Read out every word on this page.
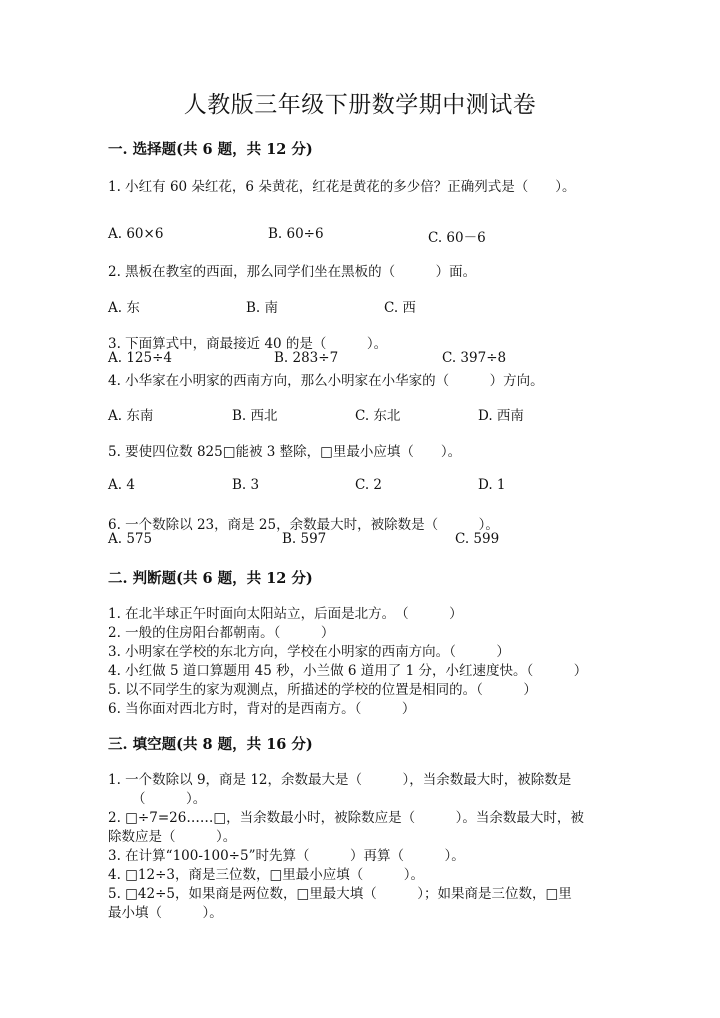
人教版三年级下册数学期中测试卷
一. 选择题(共 6 题，共 12 分)
1. 小红有 60 朵红花，6 朵黄花，红花是黄花的多少倍？正确列式是（　　）。
A. 60×6	B. 60÷6	C. 60－6
2. 黑板在教室的西面，那么同学们坐在黑板的（　　　）面。
A. 东	B. 南	C. 西
3. 下面算式中，商最接近 40 的是（　　　）。
A. 125÷4	B. 283÷7	C. 397÷8
4. 小华家在小明家的西南方向，那么小明家在小华家的（　　　）方向。
A. 东南	B. 西北	C. 东北	D. 西南
5. 要使四位数 825□能被 3 整除，□里最小应填（　　）。
A. 4	B. 3	C. 2	D. 1
6. 一个数除以 23，商是 25，余数最大时，被除数是（　　　）。
A. 575	B. 597	C. 599
二. 判断题(共 6 题，共 12 分)
1. 在北半球正午时面向太阳站立，后面是北方。　（　　　）
2. 一般的住房阳台都朝南。（　　　）
3. 小明家在学校的东北方向，学校在小明家的西南方向。（　　　）
4. 小红做 5 道口算题用 45 秒，小兰做 6 道用了 1 分，小红速度快。（　　　）
5. 以不同学生的家为观测点，所描述的学校的位置是相同的。（　　　）
6. 当你面对西北方时，背对的是西南方。（　　　）
三. 填空题(共 8 题，共 16 分)
1. 一个数除以 9，商是 12，余数最大是（　　　），当余数最大时，被除数是
（　　　）。
2. □÷7=26……□，当余数最小时，被除数应是（　　　）。当余数最大时，被
除数应是（　　　）。
3. 在计算“100-100÷5”时先算（　　　）再算（　　　）。
4. □12÷3，商是三位数，□里最小应填（　　　）。
5. □42÷5，如果商是两位数，□里最大填（　　　）；如果商是三位数，□里
最小填（　　　）。
